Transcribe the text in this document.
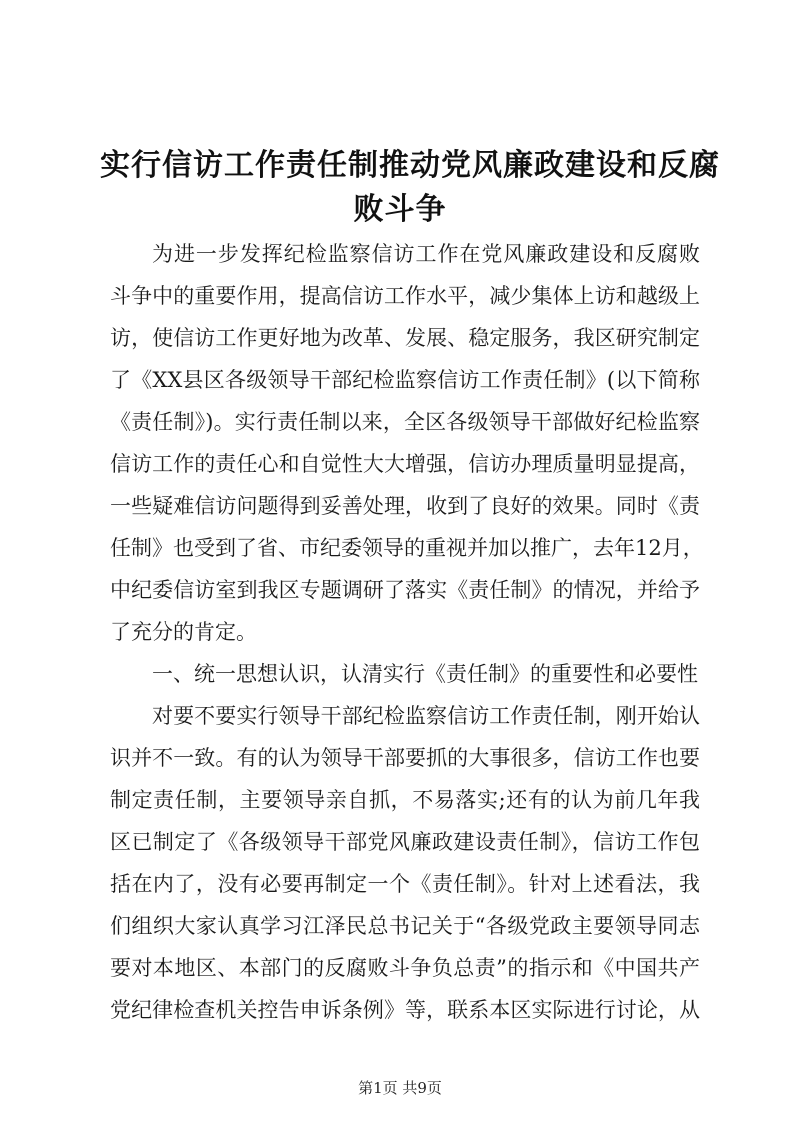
实行信访工作责任制推动党风廉政建设和反腐
败斗争
为进一步发挥纪检监察信访工作在党风廉政建设和反腐败
斗争中的重要作用，提高信访工作水平，减少集体上访和越级上
访，使信访工作更好地为改革、发展、稳定服务，我区研究制定
了《XX县区各级领导干部纪检监察信访工作责任制》(以下简称
《责任制》)。实行责任制以来，全区各级领导干部做好纪检监察
信访工作的责任心和自觉性大大增强，信访办理质量明显提高，
一些疑难信访问题得到妥善处理，收到了良好的效果。同时《责
任制》也受到了省、市纪委领导的重视并加以推广，去年12月，
中纪委信访室到我区专题调研了落实《责任制》的情况，并给予
了充分的肯定。
一、统一思想认识，认清实行《责任制》的重要性和必要性
对要不要实行领导干部纪检监察信访工作责任制，刚开始认
识并不一致。有的认为领导干部要抓的大事很多，信访工作也要
制定责任制，主要领导亲自抓，不易落实;还有的认为前几年我
区已制定了《各级领导干部党风廉政建设责任制》，信访工作包
括在内了，没有必要再制定一个《责任制》。针对上述看法，我
们组织大家认真学习江泽民总书记关于“各级党政主要领导同志
要对本地区、本部门的反腐败斗争负总责”的指示和《中国共产
党纪律检查机关控告申诉条例》等，联系本区实际进行讨论，从
第1页 共9页
